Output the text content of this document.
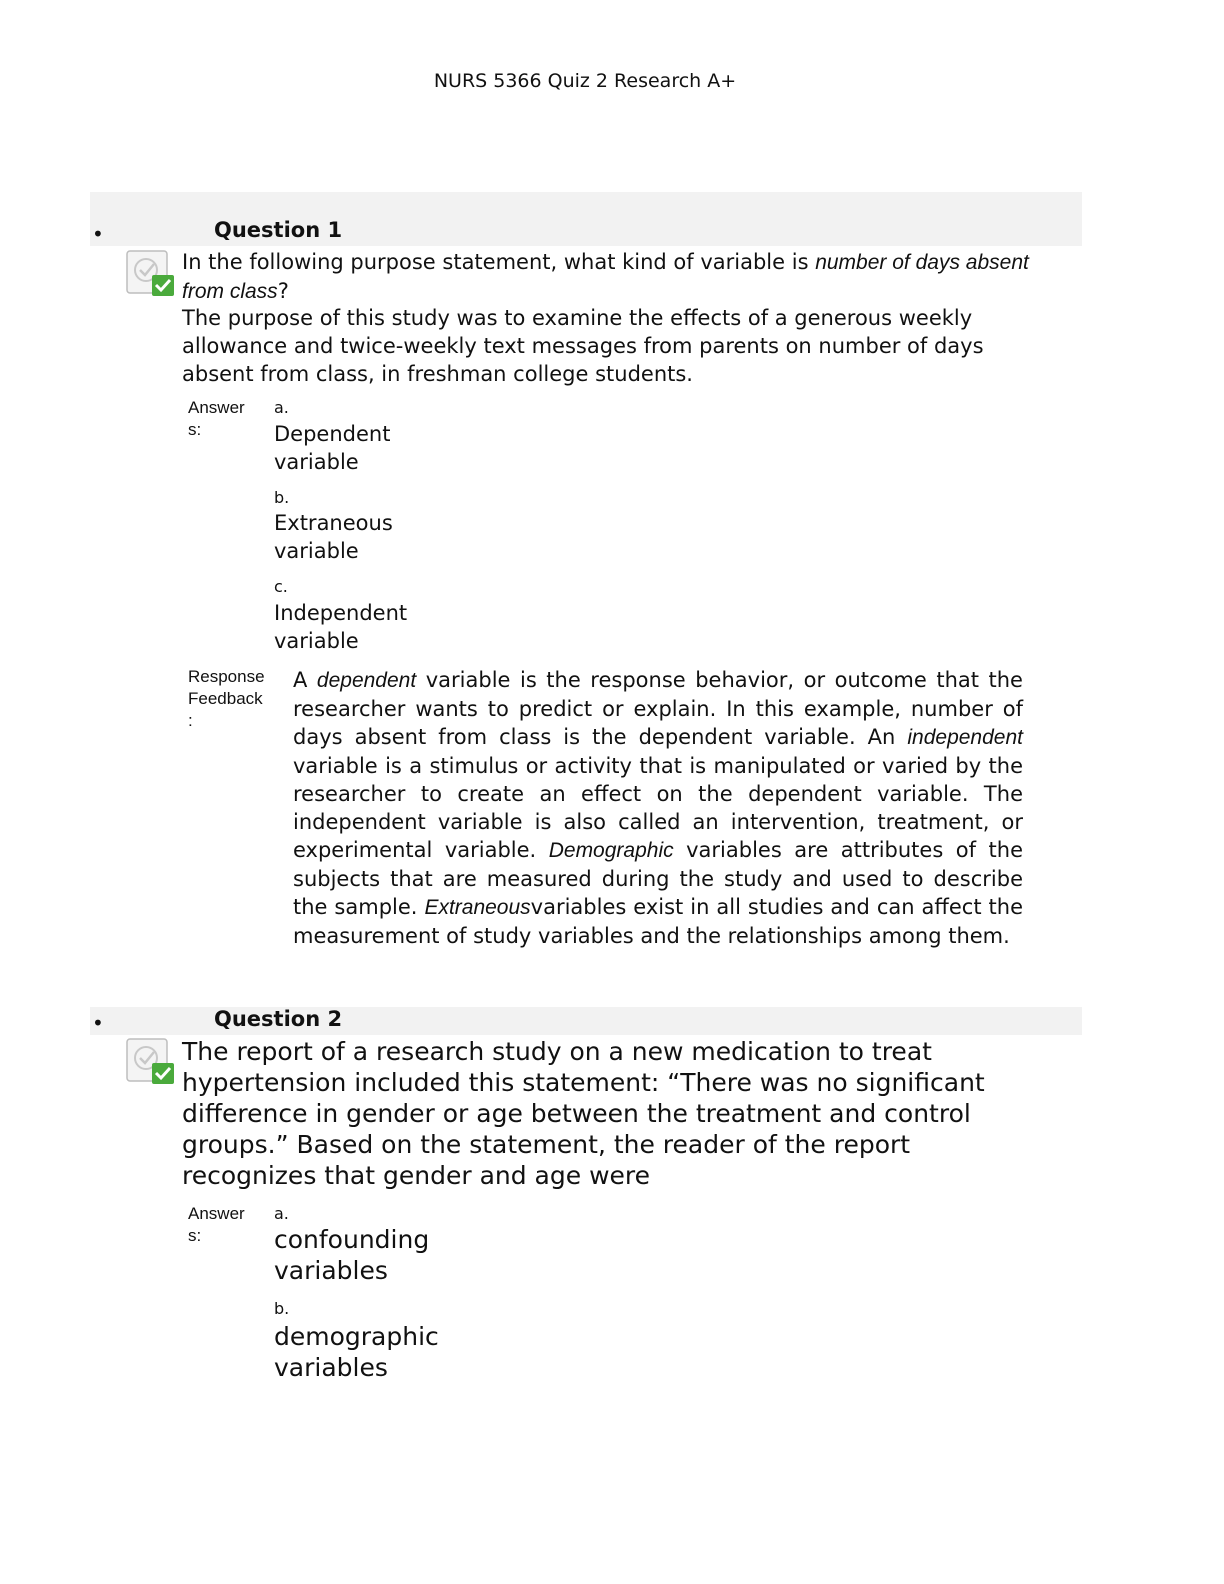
NURS 5366 Quiz 2 Research A+
•	Question 1
In the following purpose statement, what kind of variable is number of days absent from class?
The purpose of this study was to examine the effects of a generous weekly allowance and twice-weekly text messages from parents on number of days absent from class, in freshman college students.
Answer
s:
a.
Dependent
variable
b.
Extraneous
variable
c.
Independent
variable
Response
Feedback
:
A dependent variable is the response behavior, or outcome that the researcher wants to predict or explain. In this example, number of days absent from class is the dependent variable. An independent variable is a stimulus or activity that is manipulated or varied by the researcher to create an effect on the dependent variable. The independent variable is also called an intervention, treatment, or experimental variable. Demographic variables are attributes of the subjects that are measured during the study and used to describe the sample. Extraneousvariables exist in all studies and can affect the measurement of study variables and the relationships among them.
•	Question 2
The report of a research study on a new medication to treat hypertension included this statement: “There was no significant difference in gender or age between the treatment and control groups.” Based on the statement, the reader of the report recognizes that gender and age were
Answer
s:
a.
confounding
variables
b.
demographic
variables
